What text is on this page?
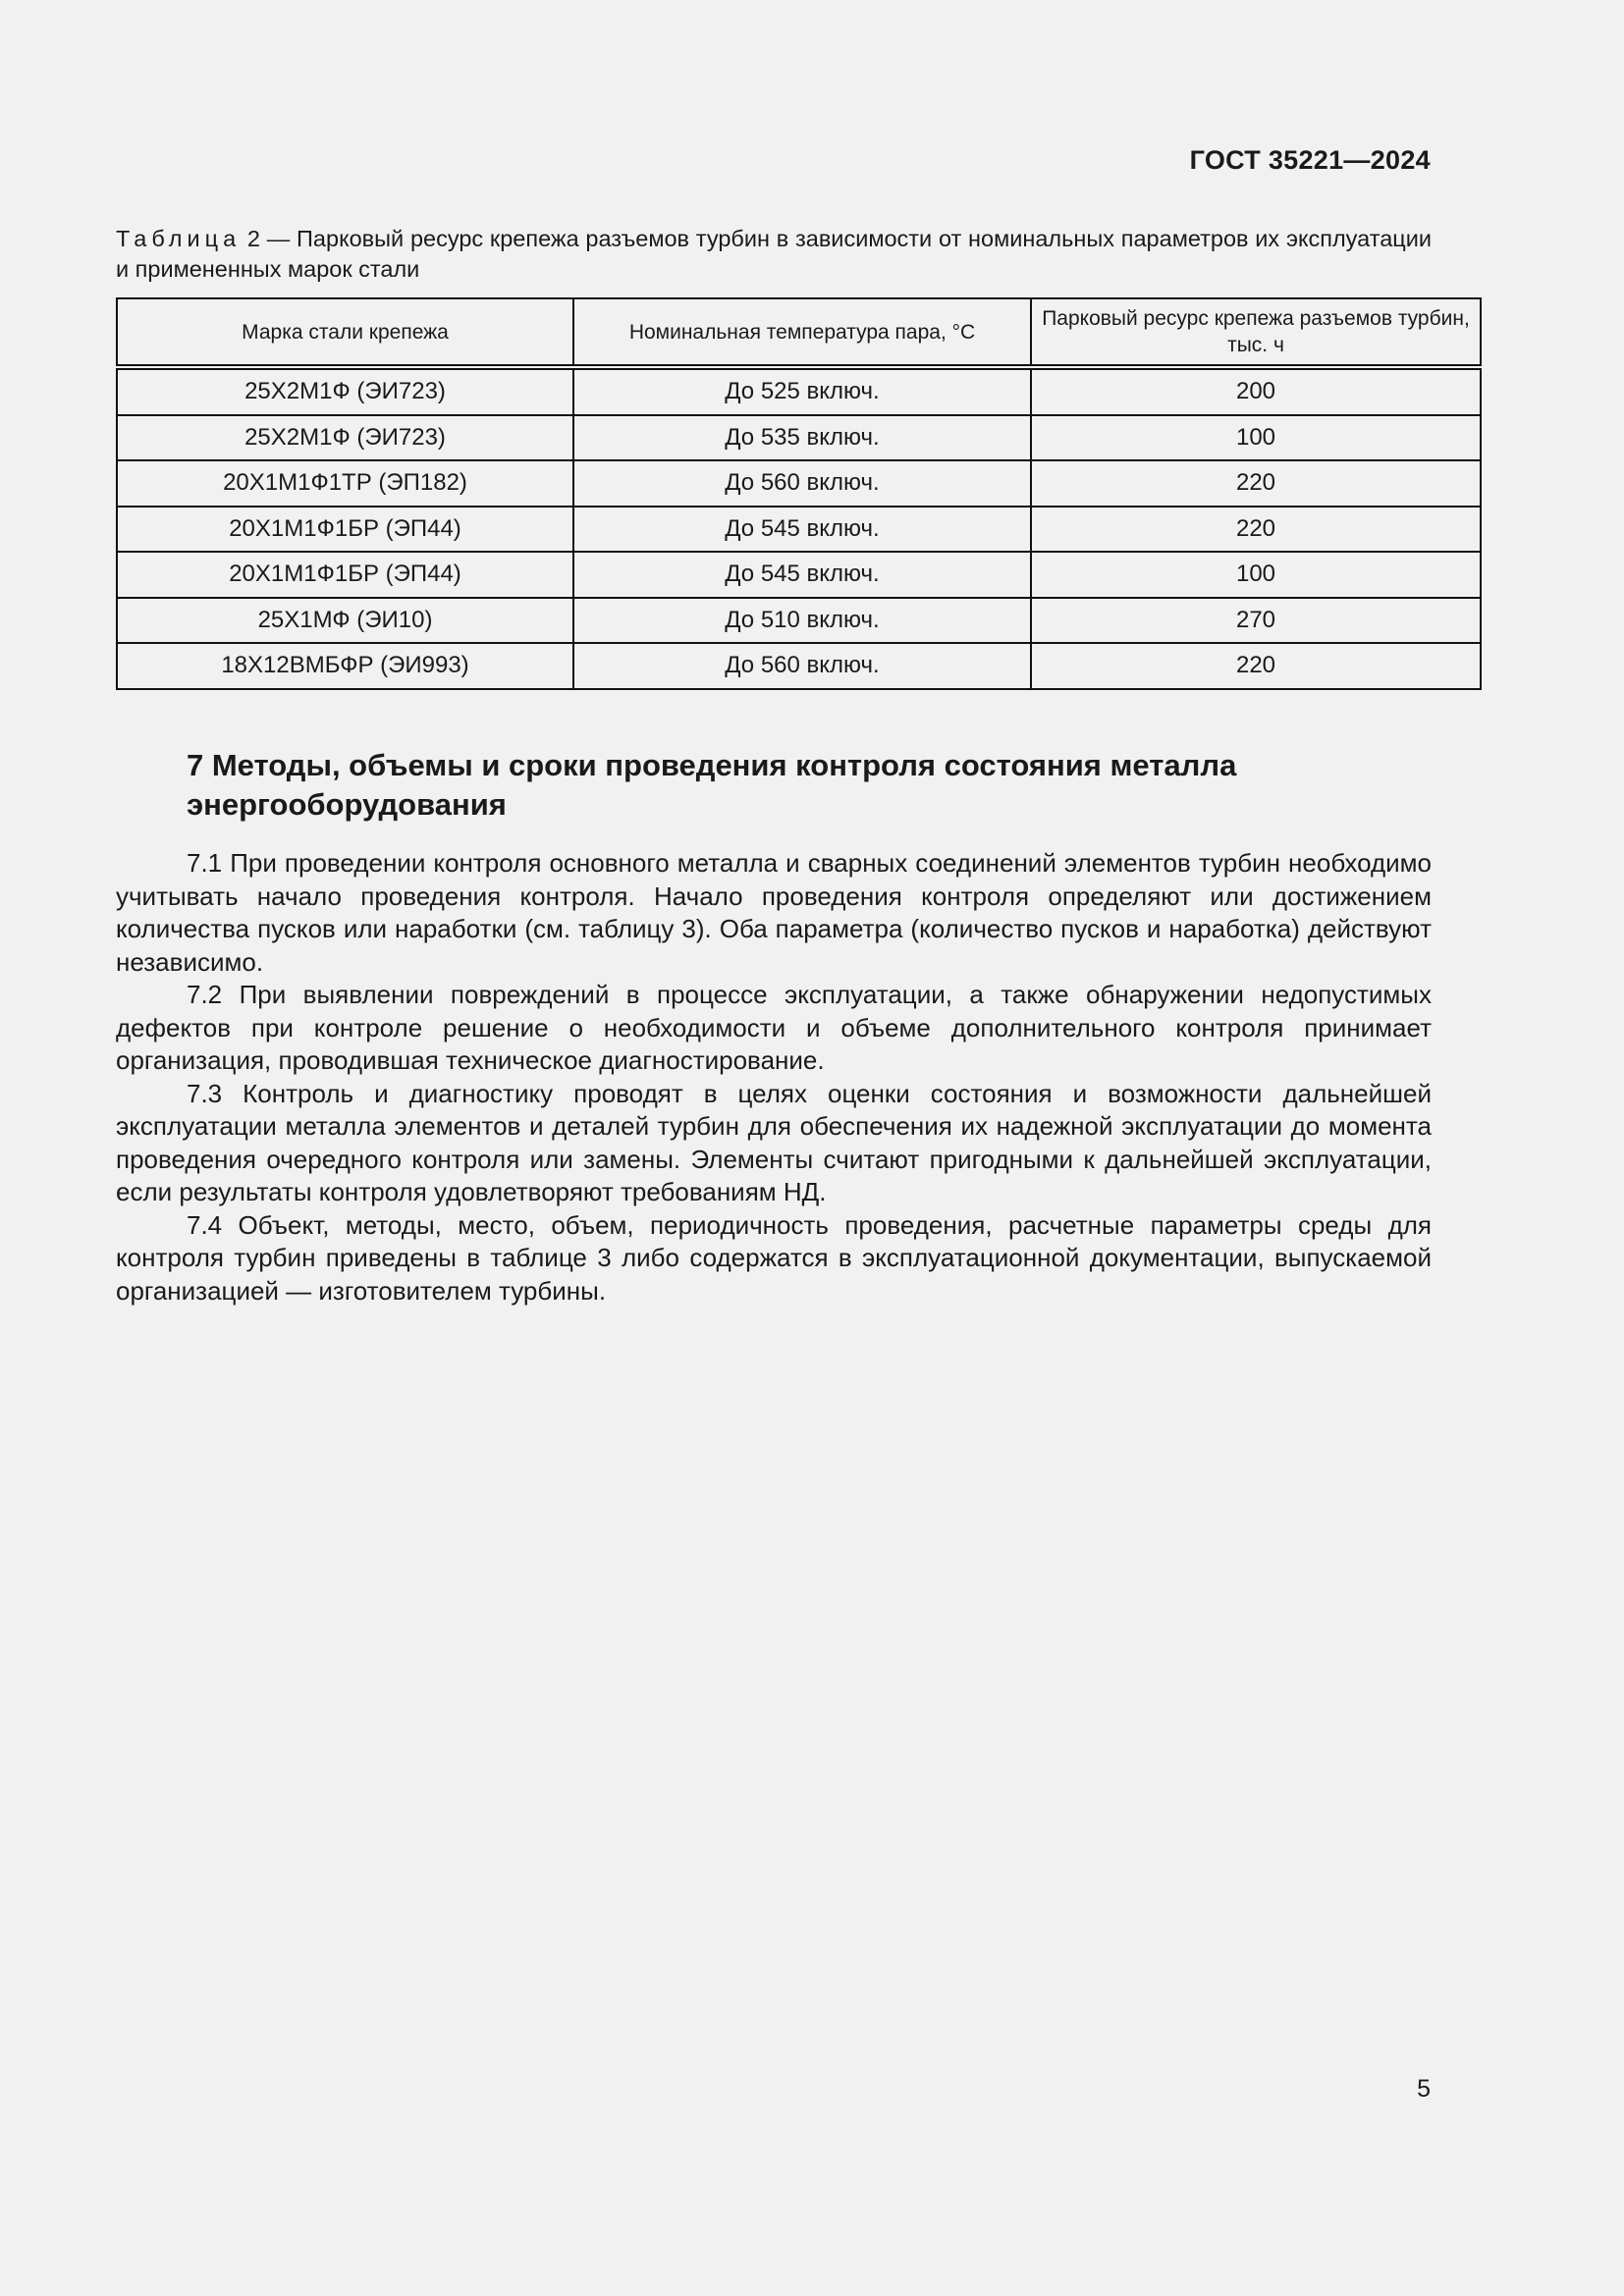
ГОСТ 35221—2024
Таблица 2 — Парковый ресурс крепежа разъемов турбин в зависимости от номинальных параметров их эксплуатации и примененных марок стали
Марка стали крепежа	Номинальная температура пара, °С	Парковый ресурс крепежа разъемов турбин, тыс. ч
25Х2М1Ф (ЭИ723)	До 525 включ.	200
25Х2М1Ф (ЭИ723)	До 535 включ.	100
20Х1М1Ф1ТР (ЭП182)	До 560 включ.	220
20Х1М1Ф1БР (ЭП44)	До 545 включ.	220
20Х1М1Ф1БР (ЭП44)	До 545 включ.	100
25Х1МФ (ЭИ10)	До 510 включ.	270
18Х12ВМБФР (ЭИ993)	До 560 включ.	220
7 Методы, объемы и сроки проведения контроля состояния металла энергооборудования

7.1 При проведении контроля основного металла и сварных соединений элементов турбин необходимо учитывать начало проведения контроля. Начало проведения контроля определяют или достижением количества пусков или наработки (см. таблицу 3). Оба параметра (количество пусков и наработка) действуют независимо.

7.2 При выявлении повреждений в процессе эксплуатации, а также обнаружении недопустимых дефектов при контроле решение о необходимости и объеме дополнительного контроля принимает организация, проводившая техническое диагностирование.

7.3 Контроль и диагностику проводят в целях оценки состояния и возможности дальнейшей эксплуатации металла элементов и деталей турбин для обеспечения их надежной эксплуатации до момента проведения очередного контроля или замены. Элементы считают пригодными к дальнейшей эксплуатации, если результаты контроля удовлетворяют требованиям НД.

7.4 Объект, методы, место, объем, периодичность проведения, расчетные параметры среды для контроля турбин приведены в таблице 3 либо содержатся в эксплуатационной документации, выпускаемой организацией — изготовителем турбины.

5
